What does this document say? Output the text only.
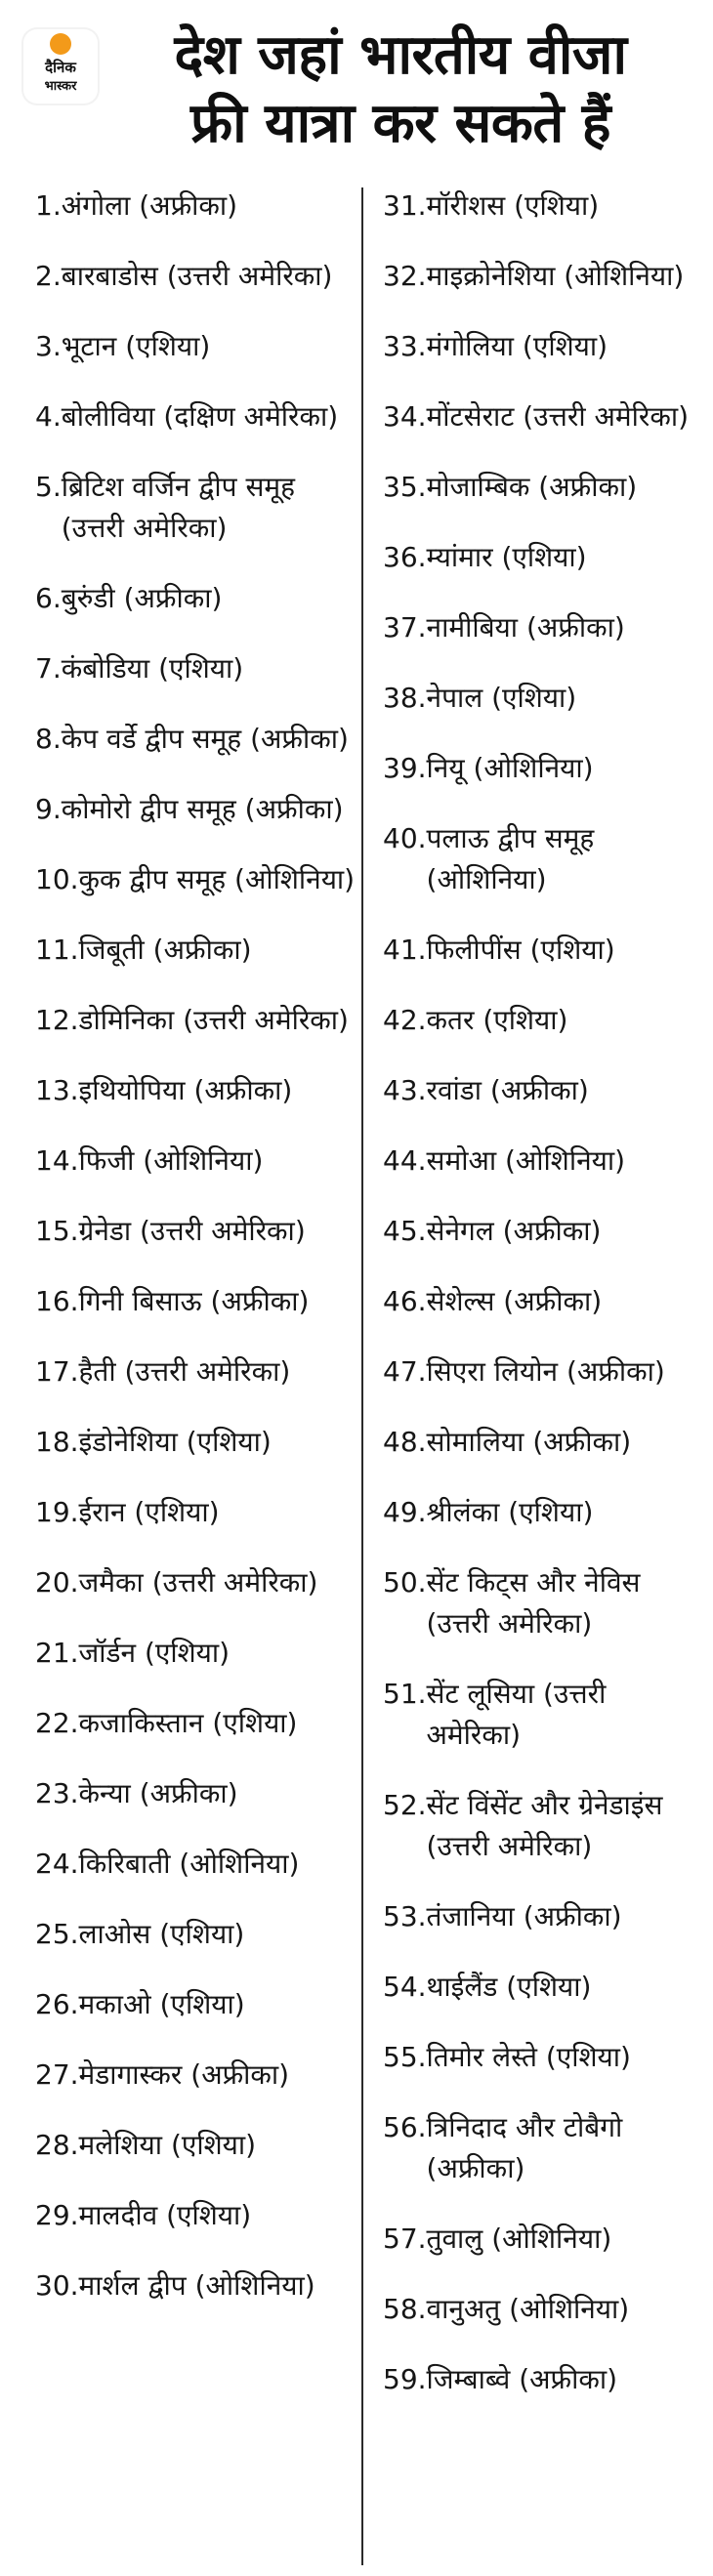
दैनिक
भास्कर	देश जहां भारतीय वीजा
फ्री यात्रा कर सकते हैं
1. अंगोला (अफ्रीका)
2. बारबाडोस (उत्तरी अमेरिका)
3. भूटान (एशिया)
4. बोलीविया (दक्षिण अमेरिका)
5. ब्रिटिश वर्जिन द्वीप समूह (उत्तरी अमेरिका)
6. बुरुंडी (अफ्रीका)
7. कंबोडिया (एशिया)
8. केप वर्डे द्वीप समूह (अफ्रीका)
9. कोमोरो द्वीप समूह (अफ्रीका)
10. कुक द्वीप समूह (ओशिनिया)
11. जिबूती (अफ्रीका)
12. डोमिनिका (उत्तरी अमेरिका)
13. इथियोपिया (अफ्रीका)
14. फिजी (ओशिनिया)
15. ग्रेनेडा (उत्तरी अमेरिका)
16. गिनी बिसाऊ (अफ्रीका)
17. हैती (उत्तरी अमेरिका)
18. इंडोनेशिया (एशिया)
19. ईरान (एशिया)
20. जमैका (उत्तरी अमेरिका)
21. जॉर्डन (एशिया)
22. कजाकिस्तान (एशिया)
23. केन्या (अफ्रीका)
24. किरिबाती (ओशिनिया)
25. लाओस (एशिया)
26. मकाओ (एशिया)
27. मेडागास्कर (अफ्रीका)
28. मलेशिया (एशिया)
29. मालदीव (एशिया)
30. मार्शल द्वीप (ओशिनिया)
31. मॉरीशस (एशिया)
32. माइक्रोनेशिया (ओशिनिया)
33. मंगोलिया (एशिया)
34. मोंटसेराट (उत्तरी अमेरिका)
35. मोजाम्बिक (अफ्रीका)
36. म्यांमार (एशिया)
37. नामीबिया (अफ्रीका)
38. नेपाल (एशिया)
39. नियू (ओशिनिया)
40. पलाऊ द्वीप समूह (ओशिनिया)
41. फिलीपींस (एशिया)
42. कतर (एशिया)
43. रवांडा (अफ्रीका)
44. समोआ (ओशिनिया)
45. सेनेगल (अफ्रीका)
46. सेशेल्स (अफ्रीका)
47. सिएरा लियोन (अफ्रीका)
48. सोमालिया (अफ्रीका)
49. श्रीलंका (एशिया)
50. सेंट किट्स और नेविस (उत्तरी अमेरिका)
51. सेंट लूसिया (उत्तरी अमेरिका)
52. सेंट विंसेंट और ग्रेनेडाइंस (उत्तरी अमेरिका)
53. तंजानिया (अफ्रीका)
54. थाईलैंड (एशिया)
55. तिमोर लेस्ते (एशिया)
56. त्रिनिदाद और टोबैगो (अफ्रीका)
57. तुवालु (ओशिनिया)
58. वानुअतु (ओशिनिया)
59. जिम्बाब्वे (अफ्रीका)
